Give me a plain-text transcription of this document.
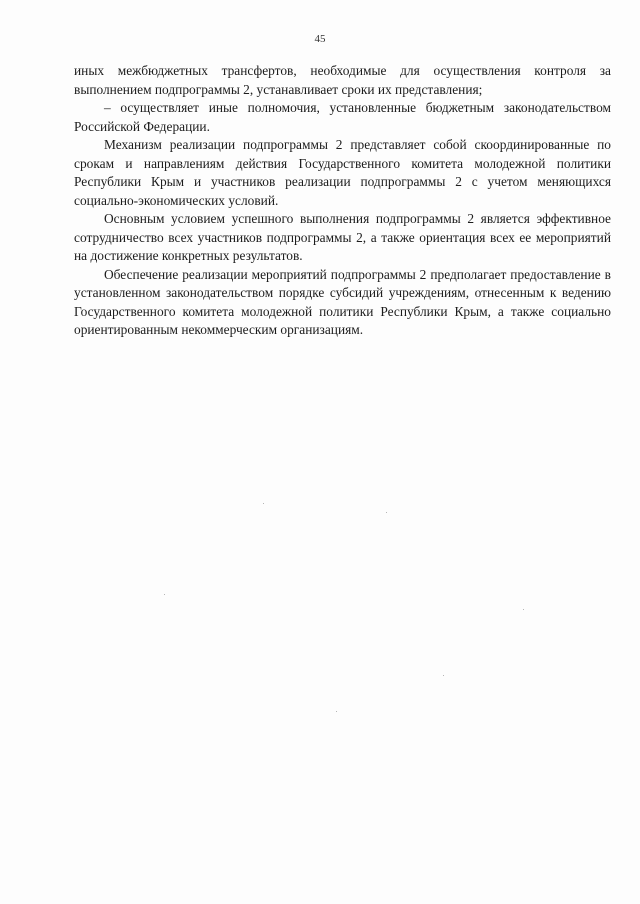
45

иных межбюджетных трансфертов, необходимые для осуществления контроля за выполнением подпрограммы 2, устанавливает сроки их представления;

– осуществляет иные полномочия, установленные бюджетным законодательством Российской Федерации.

Механизм реализации подпрограммы 2 представляет собой скоординированные по срокам и направлениям действия Государственного комитета молодежной политики Республики Крым и участников реализации подпрограммы 2 с учетом меняющихся социально-экономических условий.

Основным условием успешного выполнения подпрограммы 2 является эффективное сотрудничество всех участников подпрограммы 2, а также ориентация всех ее мероприятий на достижение конкретных результатов.

Обеспечение реализации мероприятий подпрограммы 2 предполагает предоставление в установленном законодательством порядке субсидий учреждениям, отнесенным к ведению Государственного комитета молодежной политики Республики Крым, а также социально ориентированным некоммерческим организациям.
